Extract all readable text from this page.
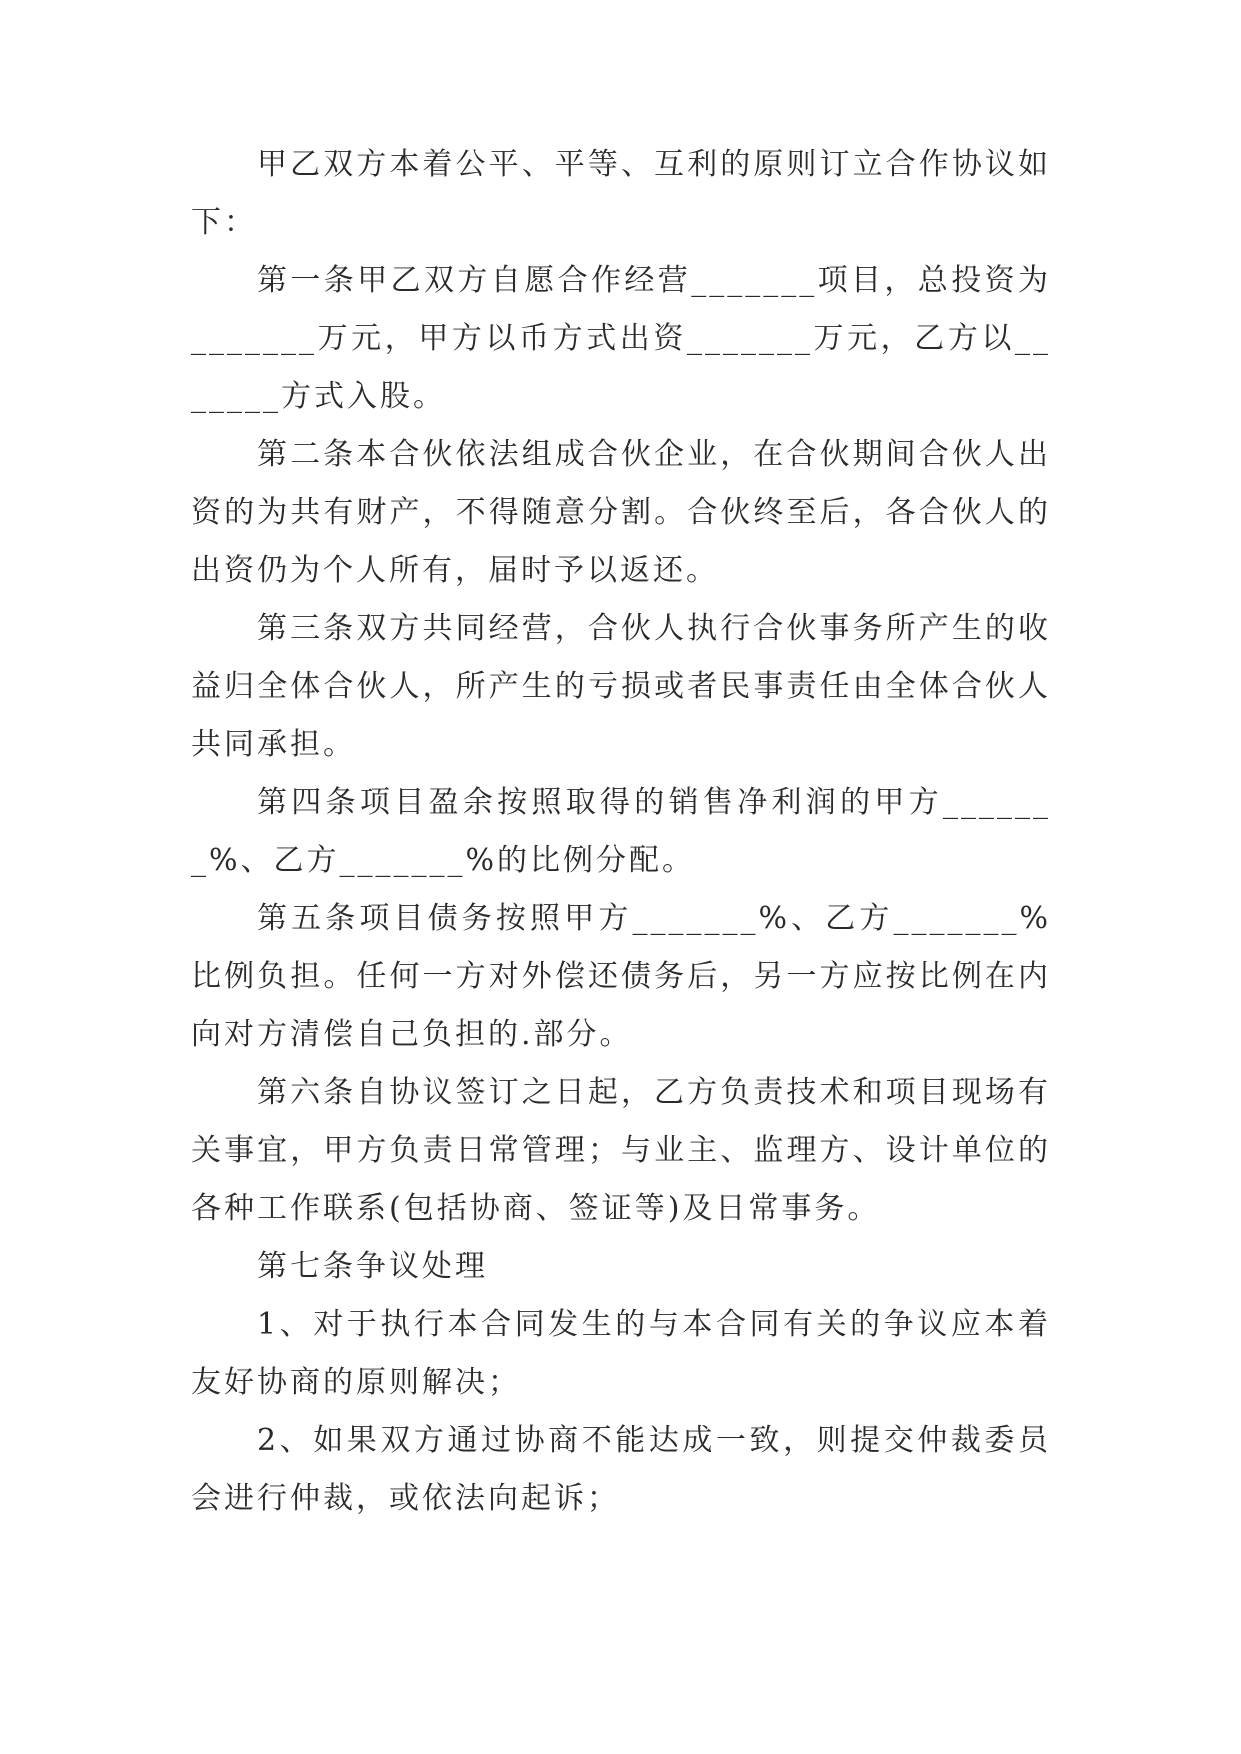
甲乙双方本着公平、平等、互利的原则订立合作协议如下：

第一条甲乙双方自愿合作经营_______项目，总投资为_______万元，甲方以币方式出资_______万元，乙方以_______方式入股。

第二条本合伙依法组成合伙企业，在合伙期间合伙人出资的为共有财产，不得随意分割。合伙终至后，各合伙人的出资仍为个人所有，届时予以返还。

第三条双方共同经营，合伙人执行合伙事务所产生的收益归全体合伙人，所产生的亏损或者民事责任由全体合伙人共同承担。

第四条项目盈余按照取得的销售净利润的甲方_______%、乙方_______%的比例分配。

第五条项目债务按照甲方_______%、乙方_______%比例负担。任何一方对外偿还债务后，另一方应按比例在内向对方清偿自己负担的.部分。

第六条自协议签订之日起，乙方负责技术和项目现场有关事宜，甲方负责日常管理；与业主、监理方、设计单位的各种工作联系(包括协商、签证等)及日常事务。

第七条争议处理

1、对于执行本合同发生的与本合同有关的争议应本着友好协商的原则解决；

2、如果双方通过协商不能达成一致，则提交仲裁委员会进行仲裁，或依法向起诉；
